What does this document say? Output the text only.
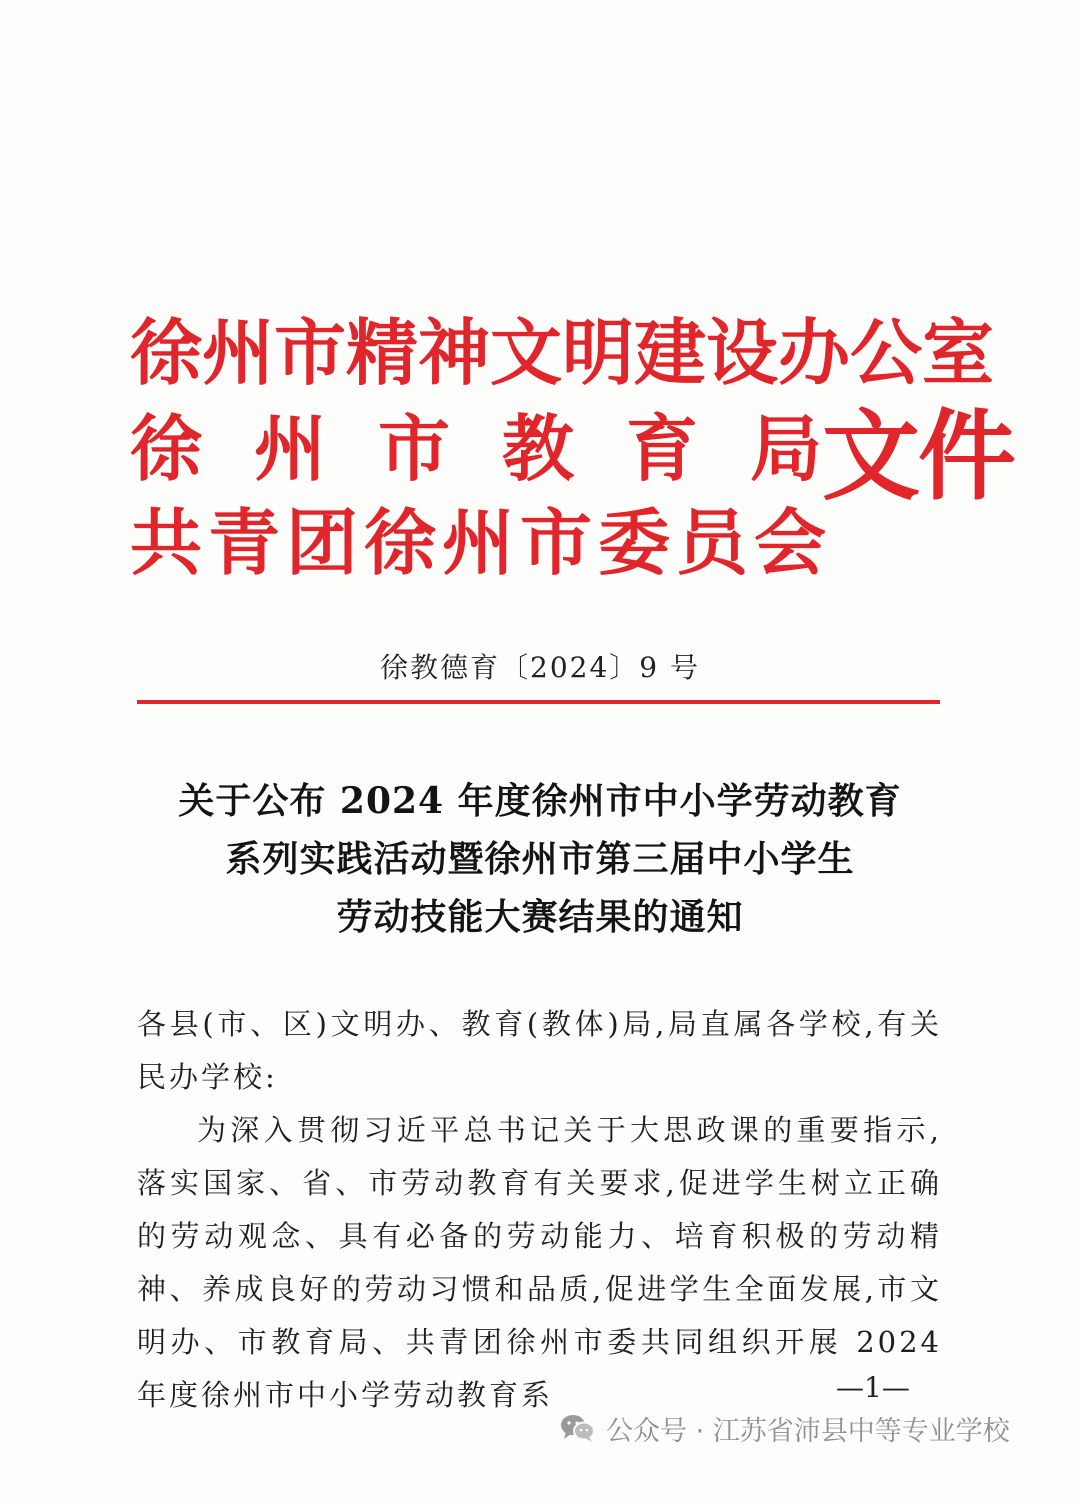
徐州市精神文明建设办公室
徐州市教育局
共青团徐州市委员会
文件
徐教德育〔2024〕9 号
关于公布 2024 年度徐州市中小学劳动教育
系列实践活动暨徐州市第三届中小学生
劳动技能大赛结果的通知

各县(市、区)文明办、教育(教体)局,局直属各学校,有关民办学校:

为深入贯彻习近平总书记关于大思政课的重要指示,落实国家、省、市劳动教育有关要求,促进学生树立正确的劳动观念、具有必备的劳动能力、培育积极的劳动精神、养成良好的劳动习惯和品质,促进学生全面发展,市文明办、市教育局、共青团徐州市委共同组织开展 2024 年度徐州市中小学劳动教育系	—1—
公众号 · 江苏省沛县中等专业学校
